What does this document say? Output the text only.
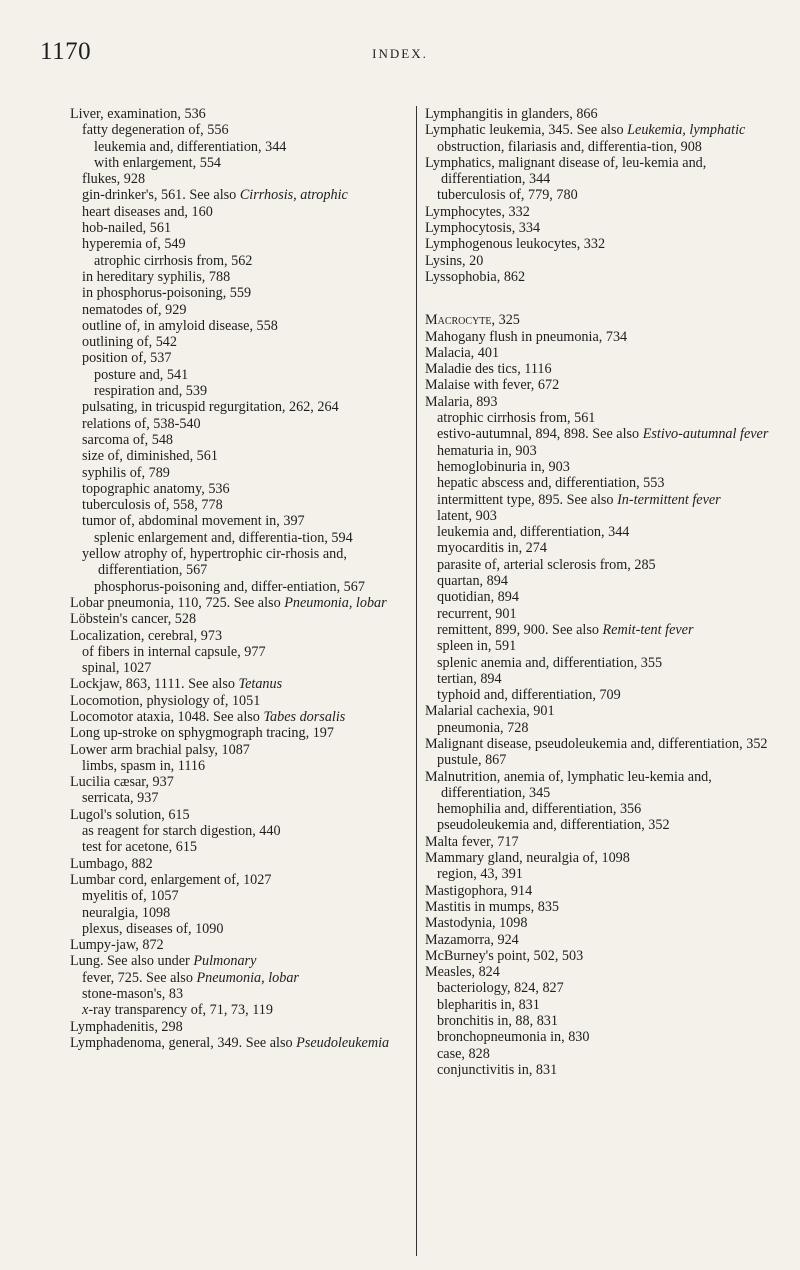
1170	INDEX.
Liver, examination, 536
fatty degeneration of, 556
leukemia and, differentiation, 344
with enlargement, 554
flukes, 928
gin-drinker's, 561. See also Cirrhosis, atrophic
heart diseases and, 160
hob-nailed, 561
hyperemia of, 549
atrophic cirrhosis from, 562
in hereditary syphilis, 788
in phosphorus-poisoning, 559
nematodes of, 929
outline of, in amyloid disease, 558
outlining of, 542
position of, 537
posture and, 541
respiration and, 539
pulsating, in tricuspid regurgitation, 262, 264
relations of, 538-540
sarcoma of, 548
size of, diminished, 561
syphilis of, 789
topographic anatomy, 536
tuberculosis of, 558, 778
tumor of, abdominal movement in, 397
splenic enlargement and, differentia-tion, 594
yellow atrophy of, hypertrophic cir-rhosis and, differentiation, 567
phosphorus-poisoning and, differ-entiation, 567
Lobar pneumonia, 110, 725. See also Pneumonia, lobar
Löbstein's cancer, 528
Localization, cerebral, 973
of fibers in internal capsule, 977
spinal, 1027
Lockjaw, 863, 1111. See also Tetanus
Locomotion, physiology of, 1051
Locomotor ataxia, 1048. See also Tabes dorsalis
Long up-stroke on sphygmograph tracing, 197
Lower arm brachial palsy, 1087
limbs, spasm in, 1116
Lucilia cæsar, 937
serricata, 937
Lugol's solution, 615
as reagent for starch digestion, 440
test for acetone, 615
Lumbago, 882
Lumbar cord, enlargement of, 1027
myelitis of, 1057
neuralgia, 1098
plexus, diseases of, 1090
Lumpy-jaw, 872
Lung. See also under Pulmonary
fever, 725. See also Pneumonia, lobar
stone-mason's, 83
x-ray transparency of, 71, 73, 119
Lymphadenitis, 298
Lymphadenoma, general, 349. See also Pseudoleukemia
Lymphangitis in glanders, 866
Lymphatic leukemia, 345. See also Leukemia, lymphatic
obstruction, filariasis and, differentia-tion, 908
Lymphatics, malignant disease of, leu-kemia and, differentiation, 344
tuberculosis of, 779, 780
Lymphocytes, 332
Lymphocytosis, 334
Lymphogenous leukocytes, 332
Lysins, 20
Lyssophobia, 862
Macrocyte, 325
Mahogany flush in pneumonia, 734
Malacia, 401
Maladie des tics, 1116
Malaise with fever, 672
Malaria, 893
atrophic cirrhosis from, 561
estivo-autumnal, 894, 898. See also Estivo-autumnal fever
hematuria in, 903
hemoglobinuria in, 903
hepatic abscess and, differentiation, 553
intermittent type, 895. See also In-termittent fever
latent, 903
leukemia and, differentiation, 344
myocarditis in, 274
parasite of, arterial sclerosis from, 285
quartan, 894
quotidian, 894
recurrent, 901
remittent, 899, 900. See also Remit-tent fever
spleen in, 591
splenic anemia and, differentiation, 355
tertian, 894
typhoid and, differentiation, 709
Malarial cachexia, 901
pneumonia, 728
Malignant disease, pseudoleukemia and, differentiation, 352
pustule, 867
Malnutrition, anemia of, lymphatic leu-kemia and, differentiation, 345
hemophilia and, differentiation, 356
pseudoleukemia and, differentiation, 352
Malta fever, 717
Mammary gland, neuralgia of, 1098
region, 43, 391
Mastigophora, 914
Mastitis in mumps, 835
Mastodynia, 1098
Mazamorra, 924
McBurney's point, 502, 503
Measles, 824
bacteriology, 824, 827
blepharitis in, 831
bronchitis in, 88, 831
bronchopneumonia in, 830
case, 828
conjunctivitis in, 831
